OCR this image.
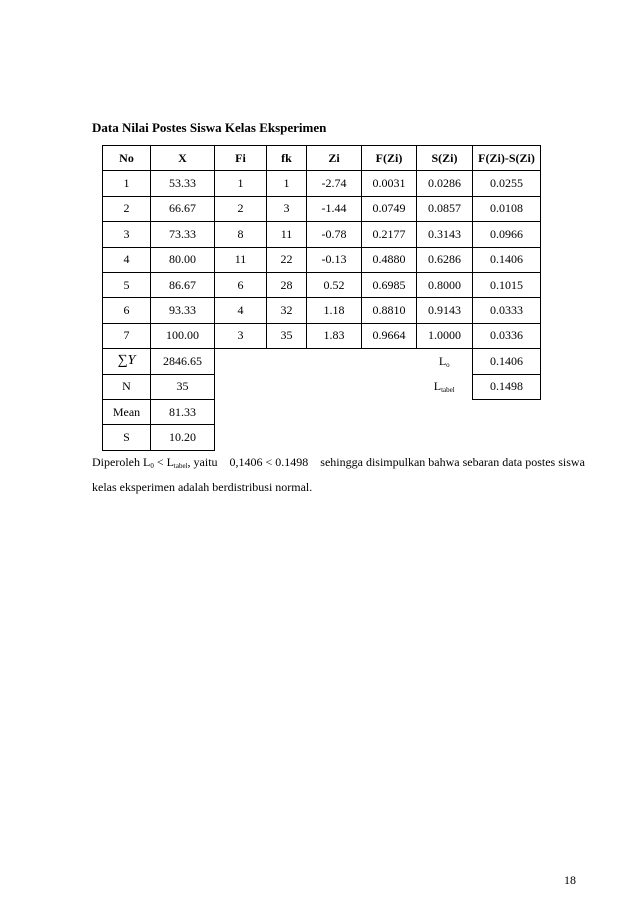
Data Nilai Postes Siswa Kelas Eksperimen
No	X	Fi	fk	Zi	F(Zi)	S(Zi)	F(Zi)-S(Zi)
1	53.33	1	1	-2.74	0.0031	0.0286	0.0255
2	66.67	2	3	-1.44	0.0749	0.0857	0.0108
3	73.33	8	11	-0.78	0.2177	0.3143	0.0966
4	80.00	11	22	-0.13	0.4880	0.6286	0.1406
5	86.67	6	28	0.52	0.6985	0.8000	0.1015
6	93.33	4	32	1.18	0.8810	0.9143	0.0333
7	100.00	3	35	1.83	0.9664	1.0000	0.0336
∑Y	2846.65					$L_o$	0.1406
N	35					$L_{tabel}$	0.1498
Mean	81.33						
S	10.20						
Diperoleh $L_0 < L_{tabel}$, yaitu    0,1406 < 0.1498    sehingga disimpulkan bahwa sebaran data postes siswa
kelas eksperimen adalah berdistribusi normal.
18
